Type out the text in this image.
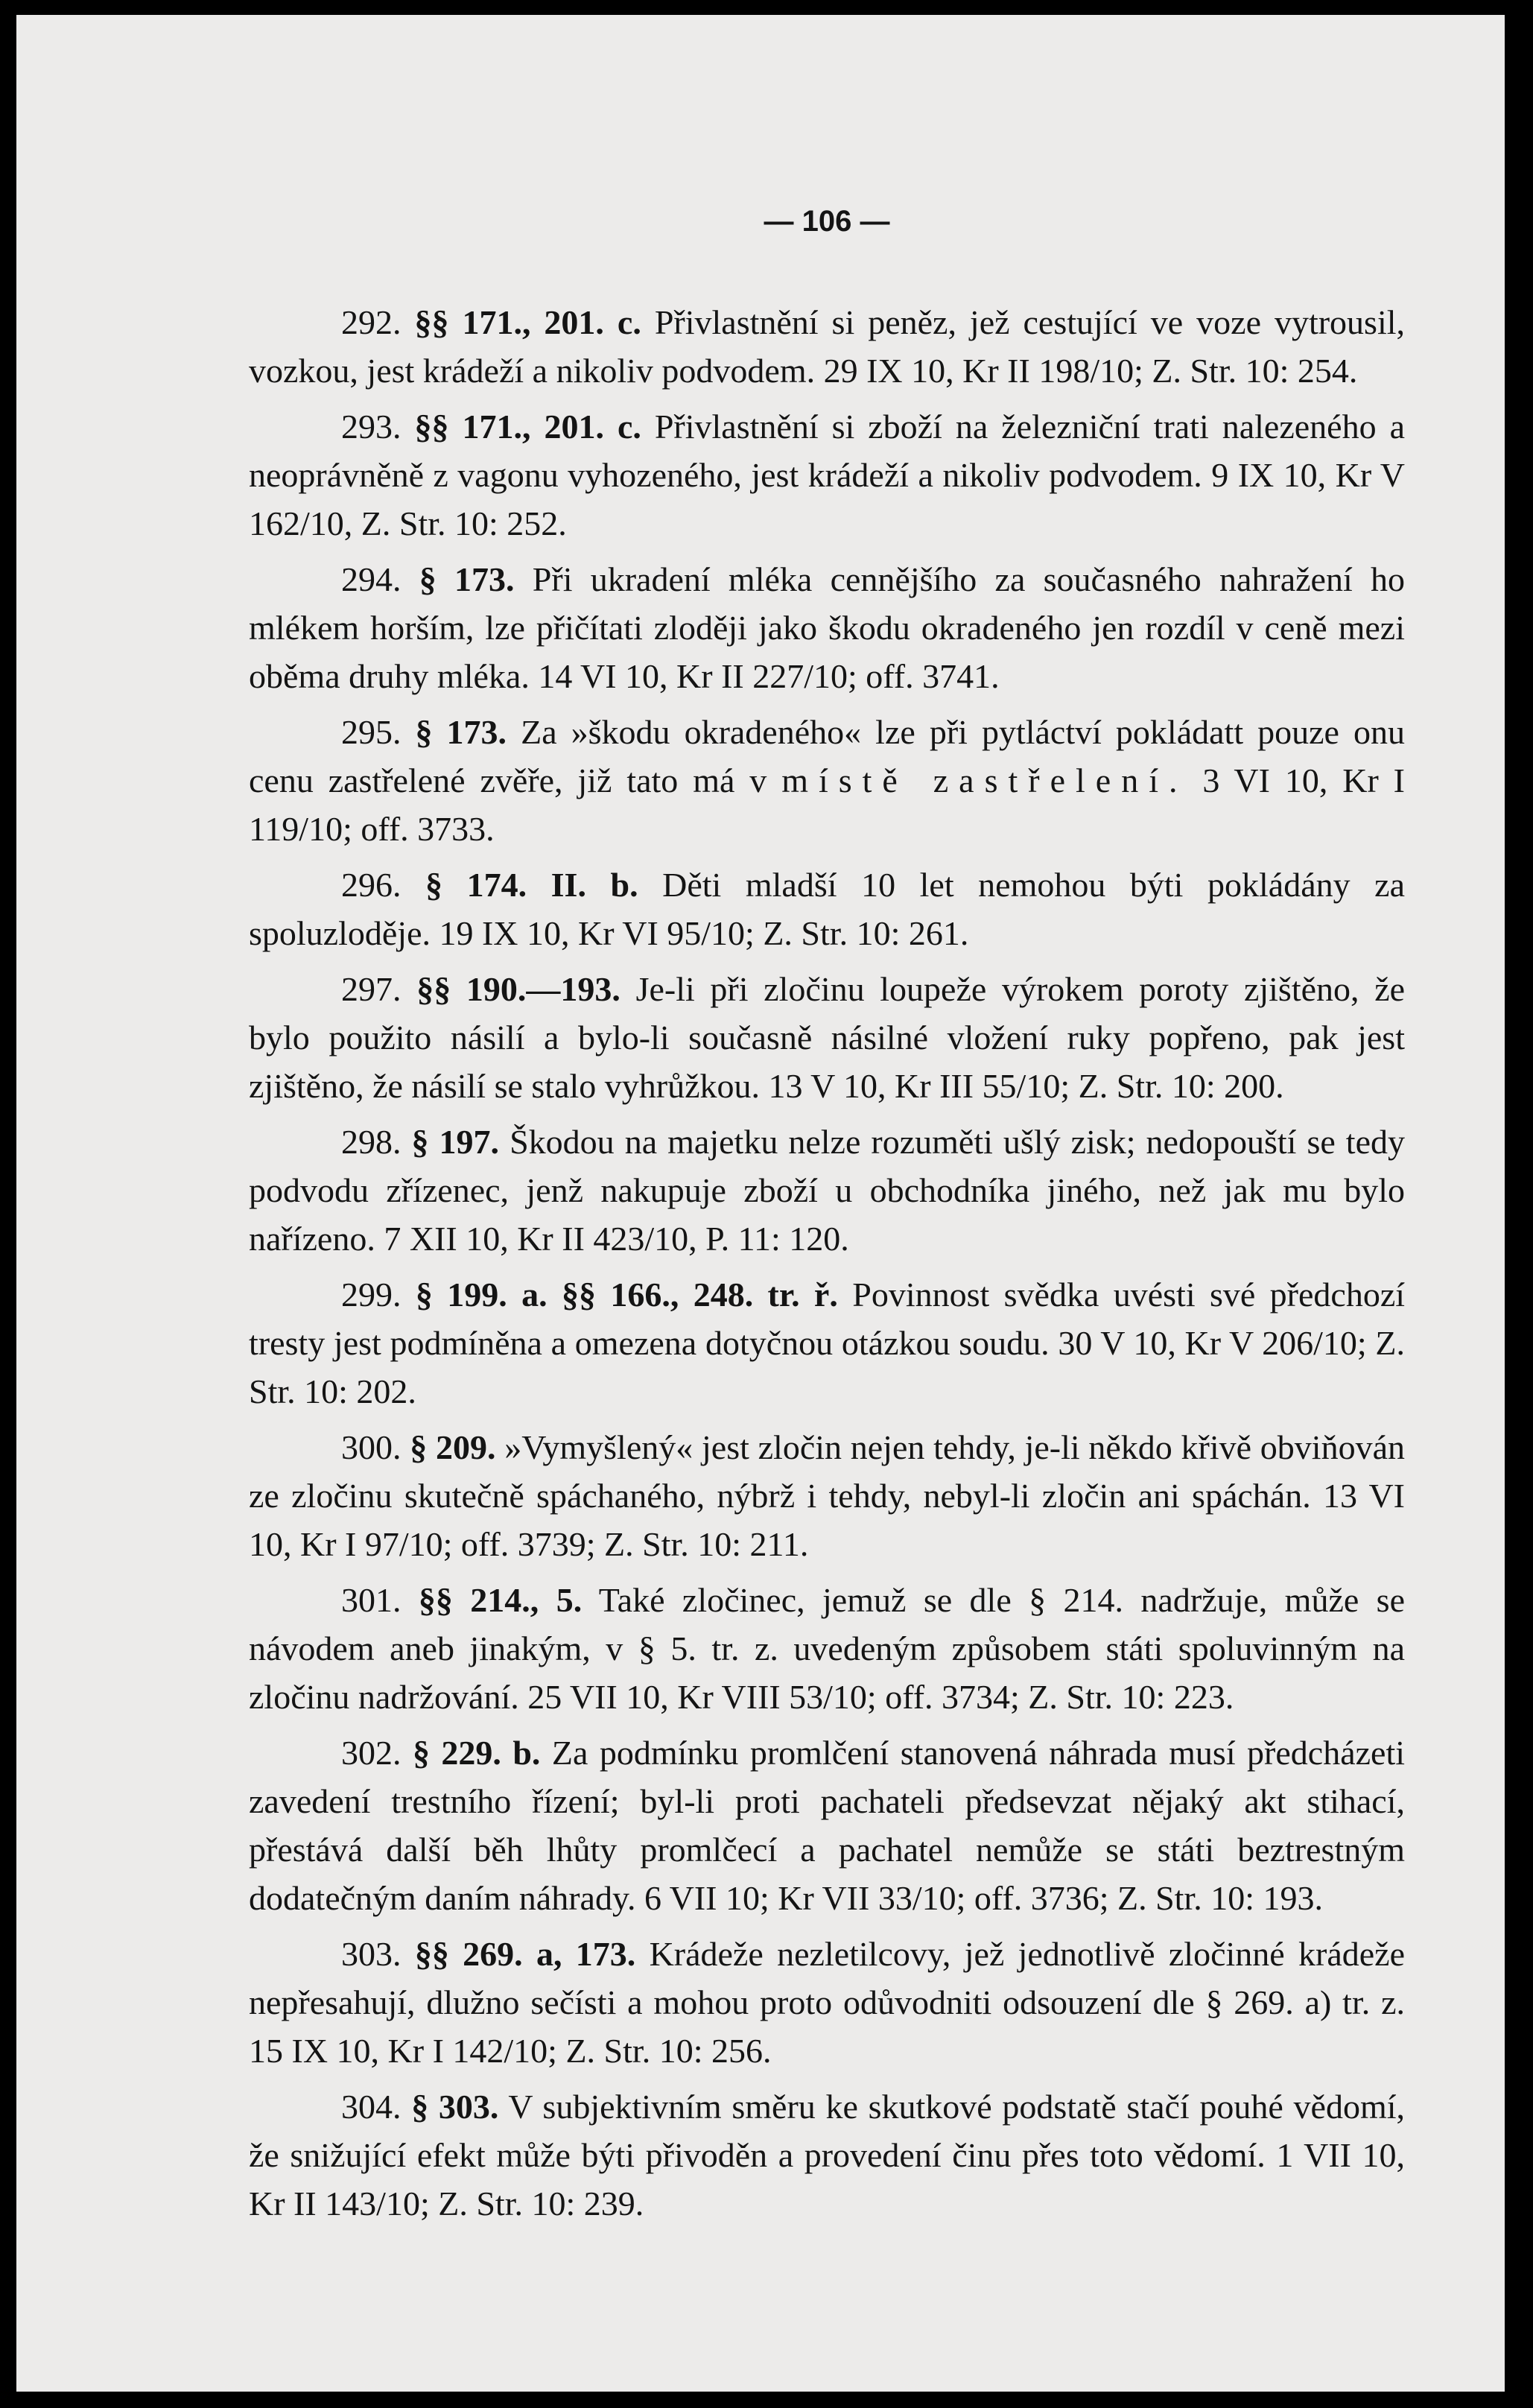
— 106 —

292. §§ 171., 201. c. Přivlastnění si peněz, jež cestující ve voze vytrousil, vozkou, jest krádeží a nikoliv podvodem. 29 IX 10, Kr II 198/10; Z. Str. 10: 254.

293. §§ 171., 201. c. Přivlastnění si zboží na železniční trati nalezeného a neoprávněně z vagonu vyhozeného, jest krádeží a nikoliv podvodem. 9 IX 10, Kr V 162/10, Z. Str. 10: 252.

294. § 173. Při ukradení mléka cennějšího za současného nahražení ho mlékem horším, lze přičítati zloději jako škodu okradeného jen rozdíl v ceně mezi oběma druhy mléka. 14 VI 10, Kr II 227/10; off. 3741.

295. § 173. Za »škodu okradeného« lze při pytláctví pokládatt pouze onu cenu zastřelené zvěře, již tato má v místě zastřelení. 3 VI 10, Kr I 119/10; off. 3733.

296. § 174. II. b. Děti mladší 10 let nemohou býti pokládány za spoluzloděje. 19 IX 10, Kr VI 95/10; Z. Str. 10: 261.

297. §§ 190.—193. Je-li při zločinu loupeže výrokem poroty zjištěno, že bylo použito násilí a bylo-li současně násilné vložení ruky popřeno, pak jest zjištěno, že násilí se stalo vyhrůžkou. 13 V 10, Kr III 55/10; Z. Str. 10: 200.

298. § 197. Škodou na majetku nelze rozuměti ušlý zisk; nedopouští se tedy podvodu zřízenec, jenž nakupuje zboží u obchodníka jiného, než jak mu bylo nařízeno. 7 XII 10, Kr II 423/10, P. 11: 120.

299. § 199. a. §§ 166., 248. tr. ř. Povinnost svědka uvésti své předchozí tresty jest podmíněna a omezena dotyčnou otázkou soudu. 30 V 10, Kr V 206/10; Z. Str. 10: 202.

300. § 209. »Vymyšlený« jest zločin nejen tehdy, je-li někdo křivě obviňován ze zločinu skutečně spáchaného, nýbrž i tehdy, nebyl-li zločin ani spáchán. 13 VI 10, Kr I 97/10; off. 3739; Z. Str. 10: 211.

301. §§ 214., 5. Také zločinec, jemuž se dle § 214. nadržuje, může se návodem aneb jinakým, v § 5. tr. z. uvedeným způsobem státi spoluvinným na zločinu nadržování. 25 VII 10, Kr VIII 53/10; off. 3734; Z. Str. 10: 223.

302. § 229. b. Za podmínku promlčení stanovená náhrada musí předcházeti zavedení trestního řízení; byl-li proti pachateli předsevzat nějaký akt stihací, přestává další běh lhůty promlčecí a pachatel nemůže se státi beztrestným dodatečným daním náhrady. 6 VII 10; Kr VII 33/10; off. 3736; Z. Str. 10: 193.

303. §§ 269. a, 173. Krádeže nezletilcovy, jež jednotlivě zločinné krádeže nepřesahují, dlužno sečísti a mohou proto odůvodniti odsouzení dle § 269. a) tr. z. 15 IX 10, Kr I 142/10; Z. Str. 10: 256.

304. § 303. V subjektivním směru ke skutkové podstatě stačí pouhé vědomí, že snižující efekt může býti přivoděn a provedení činu přes toto vědomí. 1 VII 10, Kr II 143/10; Z. Str. 10: 239.
